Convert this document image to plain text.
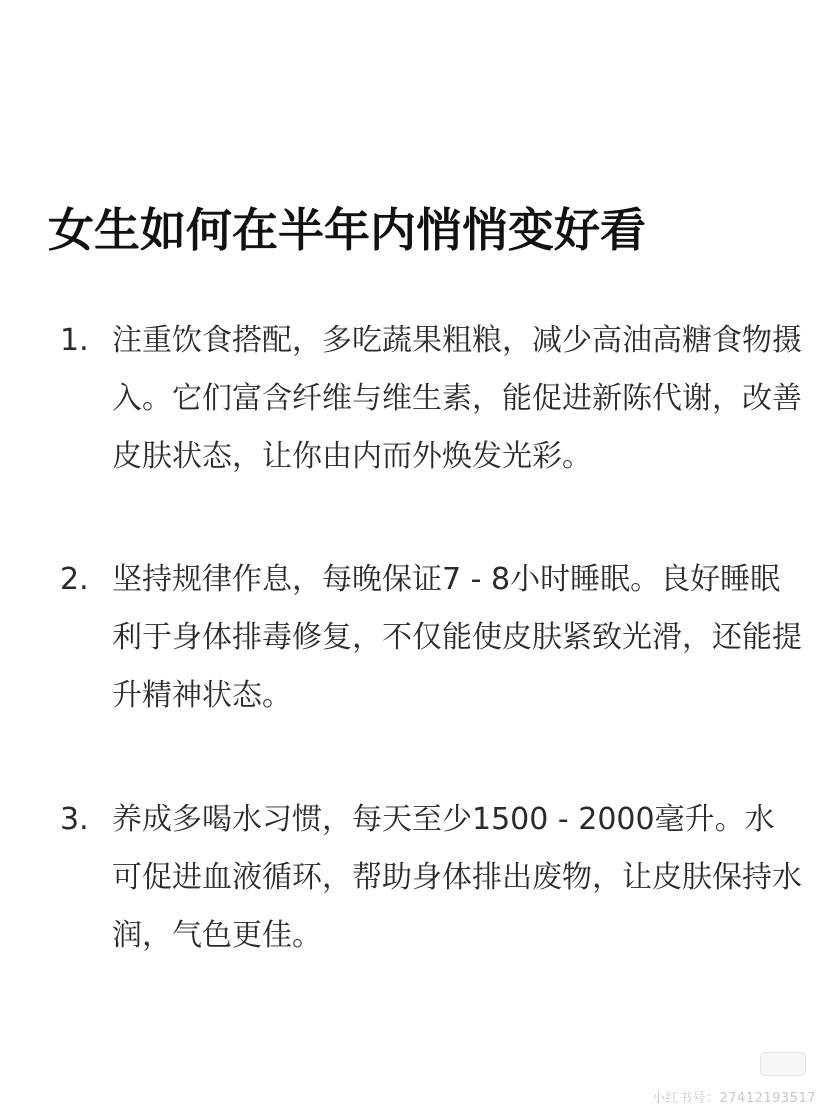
女生如何在半年内悄悄变好看
1. 注重饮食搭配，多吃蔬果粗粮，减少高油高糖食物摄入。它们富含纤维与维生素，能促进新陈代谢，改善皮肤状态，让你由内而外焕发光彩。
2. 坚持规律作息，每晚保证7 - 8小时睡眠。良好睡眠利于身体排毒修复，不仅能使皮肤紧致光滑，还能提升精神状态。
3. 养成多喝水习惯，每天至少1500 - 2000毫升。水可促进血液循环，帮助身体排出废物，让皮肤保持水润，气色更佳。
小红书号：27412193517
